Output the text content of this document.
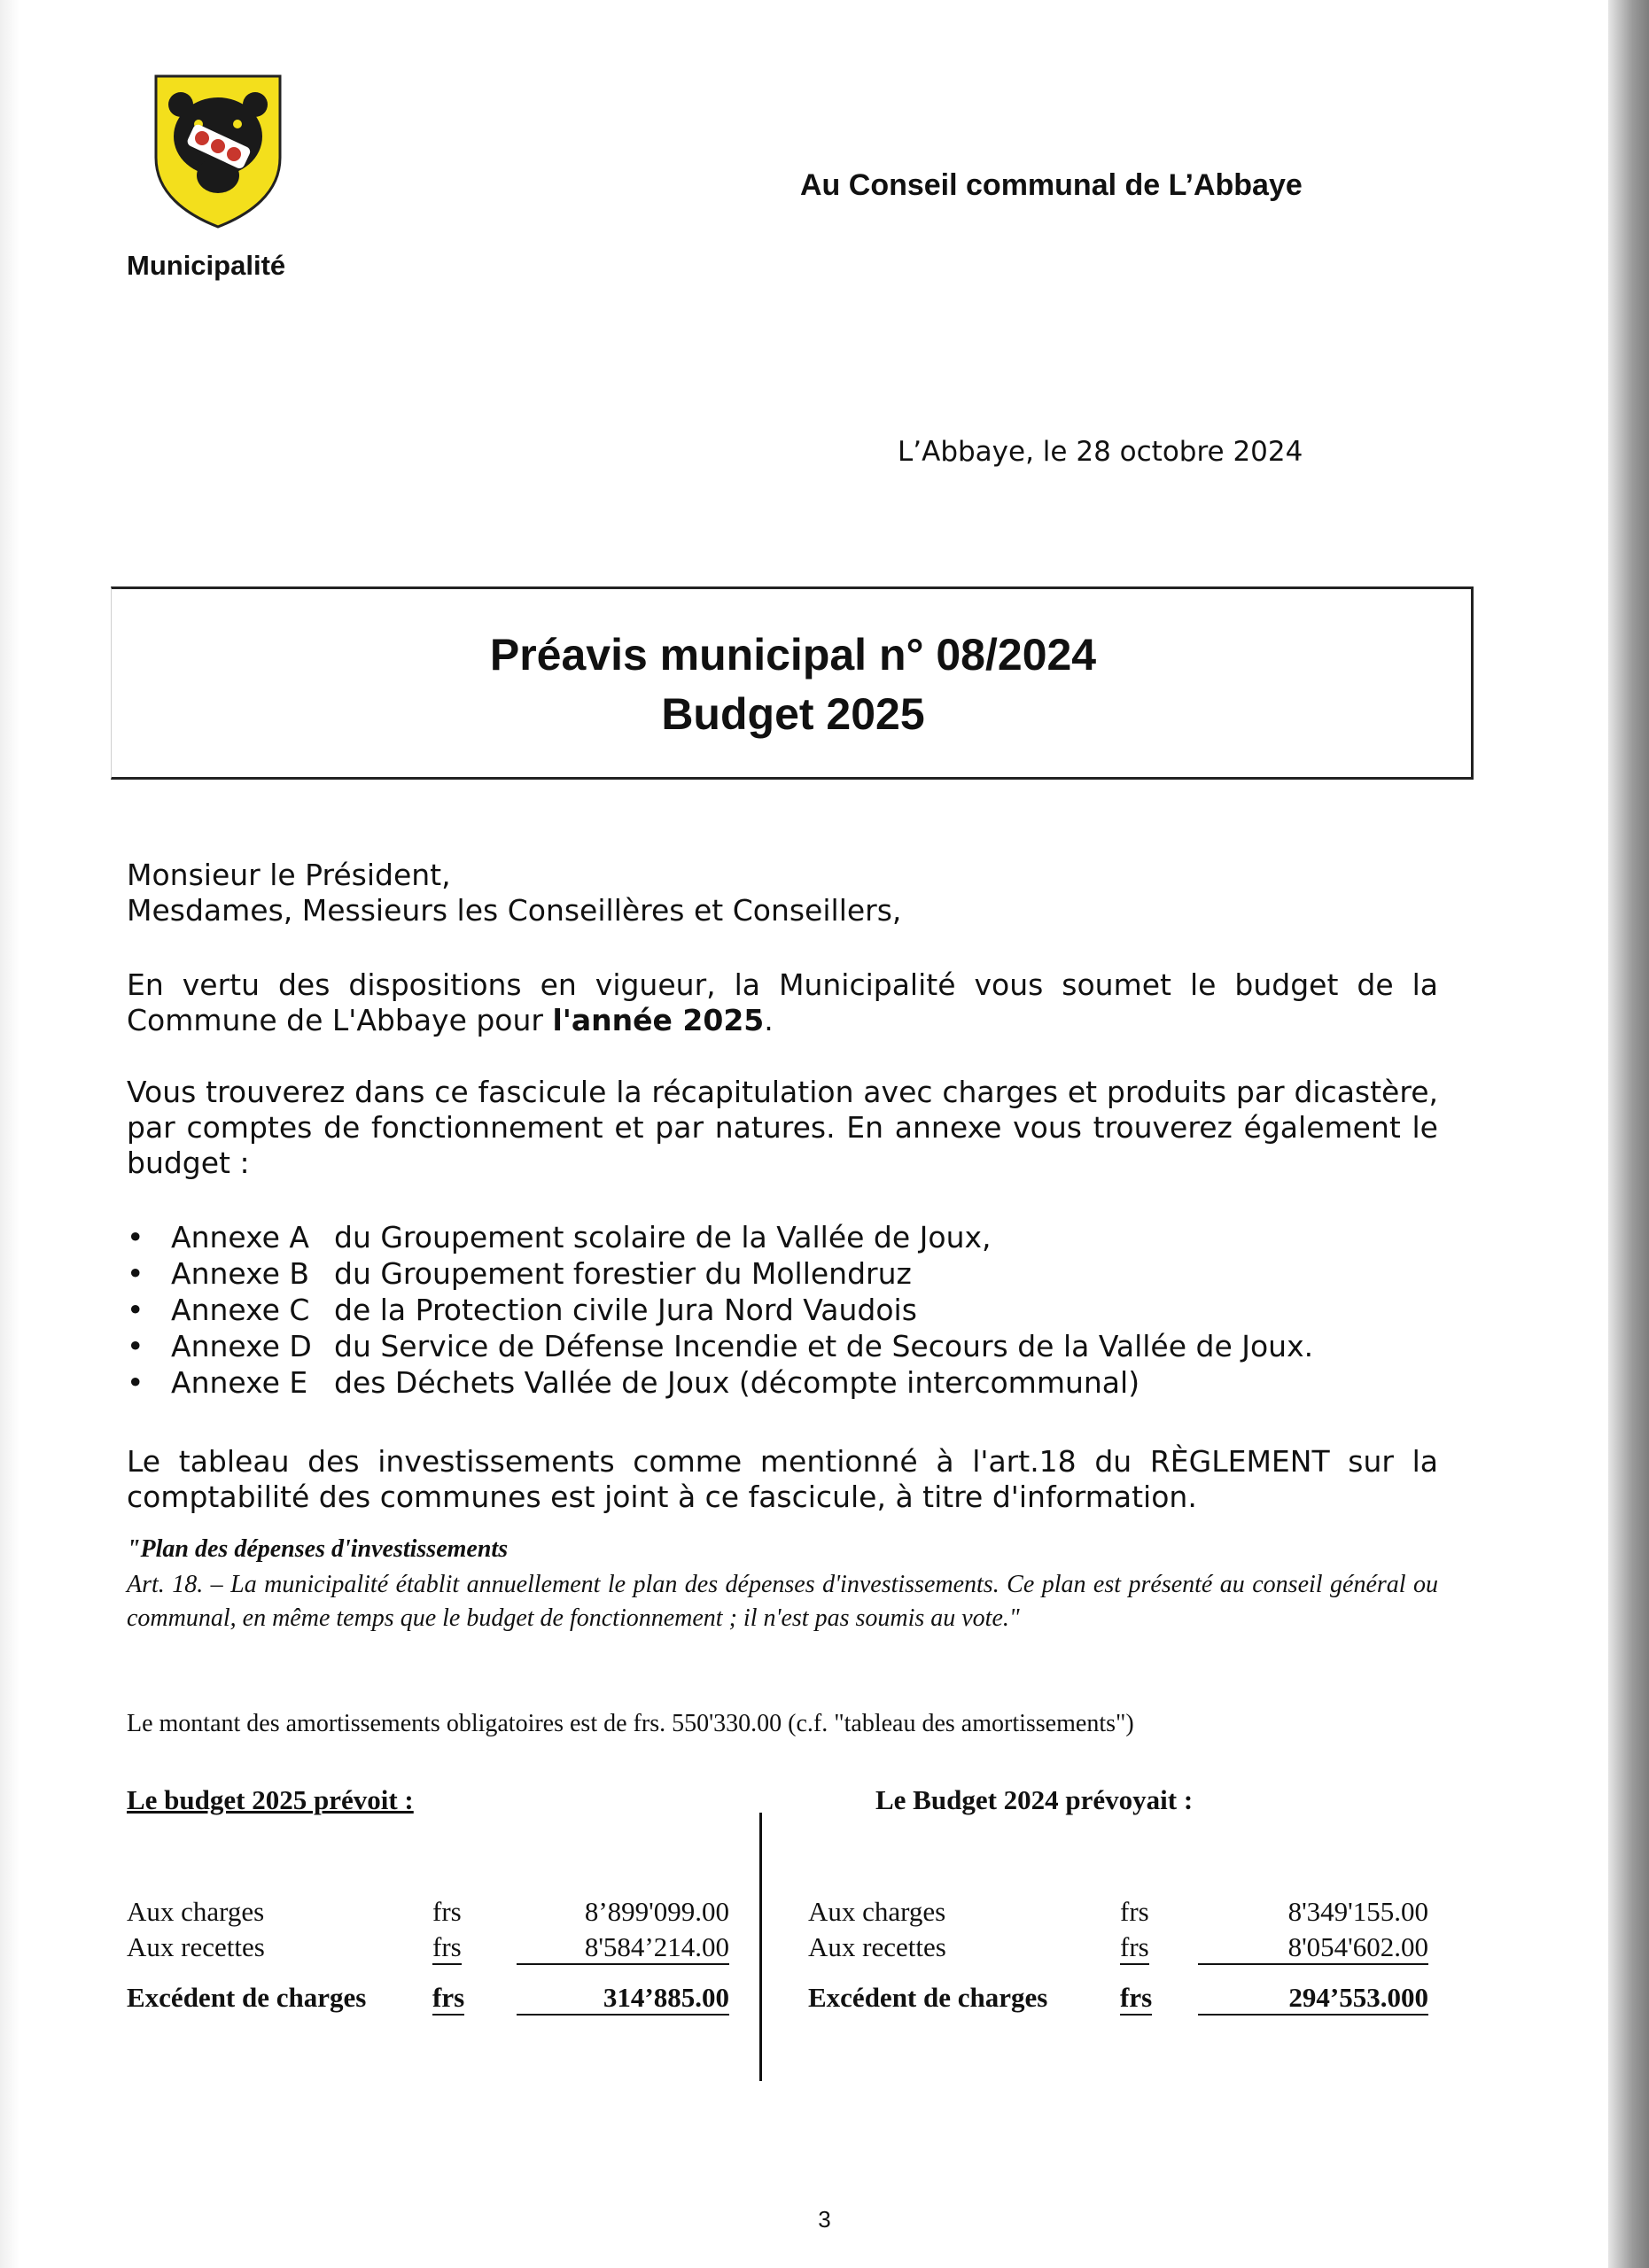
Municipalité
Au Conseil communal de L’Abbaye
L’Abbaye, le 28 octobre 2024
Préavis municipal n° 08/2024
Budget 2025
Monsieur le Président,
Mesdames, Messieurs les Conseillères et Conseillers,
En vertu des dispositions en vigueur, la Municipalité vous soumet le budget de la Commune de L'Abbaye pour l'année 2025.
Vous trouverez dans ce fascicule la récapitulation avec charges et produits par dicastère, par comptes de fonctionnement et par natures. En annexe vous trouverez également le budget :
• Annexe A du Groupement scolaire de la Vallée de Joux,
• Annexe B du Groupement forestier du Mollendruz
• Annexe C de la Protection civile Jura Nord Vaudois
• Annexe D du Service de Défense Incendie et de Secours de la Vallée de Joux.
• Annexe E des Déchets Vallée de Joux (décompte intercommunal)
Le tableau des investissements comme mentionné à l'art.18 du RÈGLEMENT sur la comptabilité des communes est joint à ce fascicule, à titre d'information.
"Plan des dépenses d'investissements
Art. 18. – La municipalité établit annuellement le plan des dépenses d'investissements. Ce plan est présenté au conseil général ou communal, en même temps que le budget de fonctionnement ; il n'est pas soumis au vote."
Le montant des amortissements obligatoires est de frs. 550'330.00 (c.f. "tableau des amortissements")
Le budget 2025 prévoit :
Aux charges	frs	8’899'099.00
Aux recettes	frs	8'584’214.00
Excédent de charges frs	314’885.00
Le Budget 2024 prévoyait :
Aux charges	frs	8'349'155.00
Aux recettes	frs	8'054'602.00
Excédent de charges	frs	294’553.000
3
